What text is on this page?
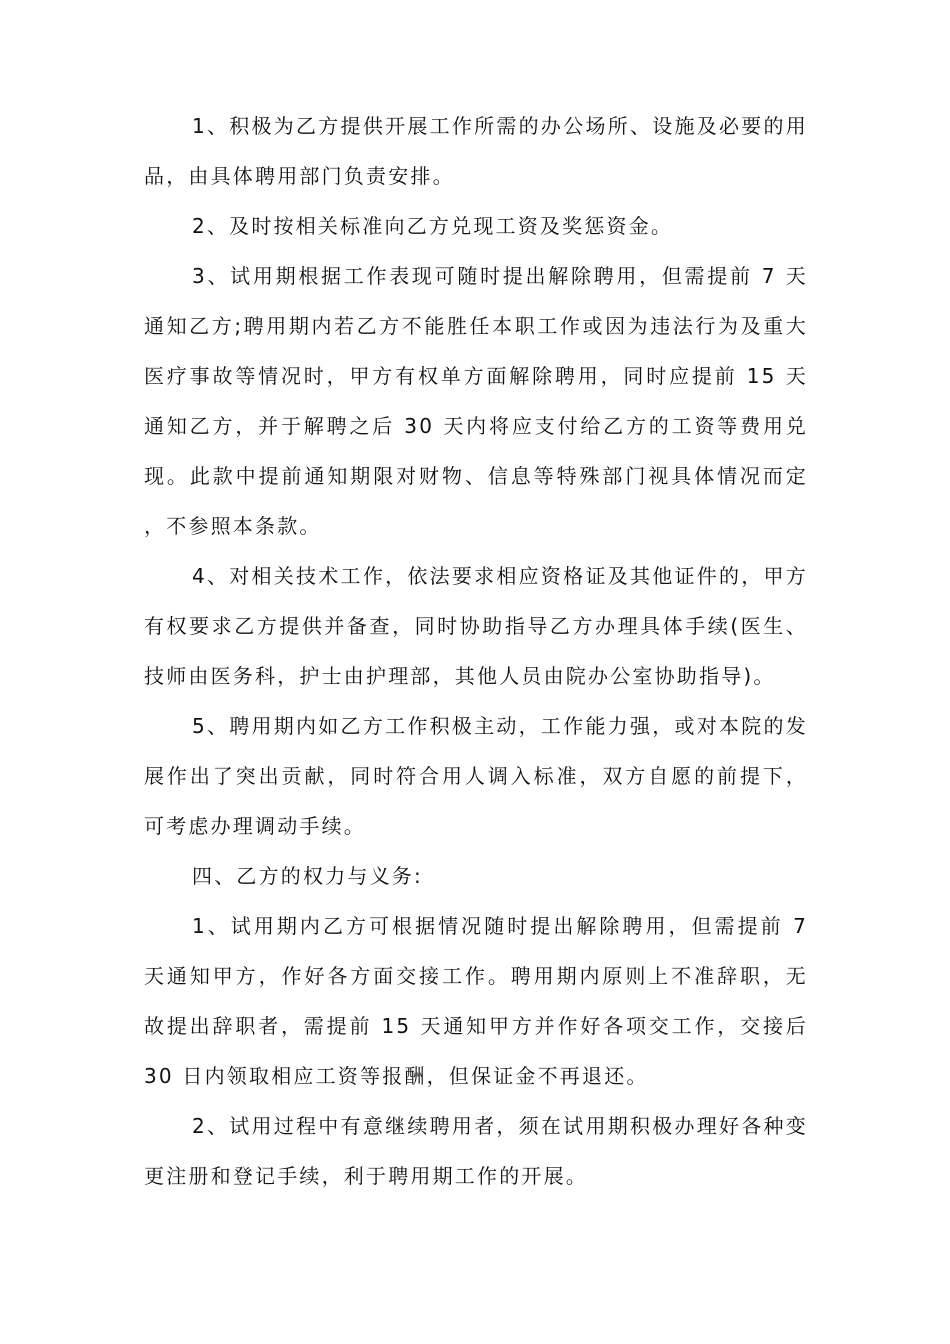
1、积极为乙方提供开展工作所需的办公场所、设施及必要的用品，由具体聘用部门负责安排。

2、及时按相关标准向乙方兑现工资及奖惩资金。

3、试用期根据工作表现可随时提出解除聘用，但需提前 7 天通知乙方;聘用期内若乙方不能胜任本职工作或因为违法行为及重大医疗事故等情况时，甲方有权单方面解除聘用，同时应提前 15 天通知乙方，并于解聘之后 30 天内将应支付给乙方的工资等费用兑现。此款中提前通知期限对财物、信息等特殊部门视具体情况而定，不参照本条款。

4、对相关技术工作，依法要求相应资格证及其他证件的，甲方有权要求乙方提供并备查，同时协助指导乙方办理具体手续(医生、技师由医务科，护士由护理部，其他人员由院办公室协助指导)。

5、聘用期内如乙方工作积极主动，工作能力强，或对本院的发展作出了突出贡献，同时符合用人调入标准，双方自愿的前提下，可考虑办理调动手续。

四、乙方的权力与义务:

1、试用期内乙方可根据情况随时提出解除聘用，但需提前 7 天通知甲方，作好各方面交接工作。聘用期内原则上不准辞职，无故提出辞职者，需提前 15 天通知甲方并作好各项交工作，交接后 30 日内领取相应工资等报酬，但保证金不再退还。

2、试用过程中有意继续聘用者，须在试用期积极办理好各种变更注册和登记手续，利于聘用期工作的开展。
